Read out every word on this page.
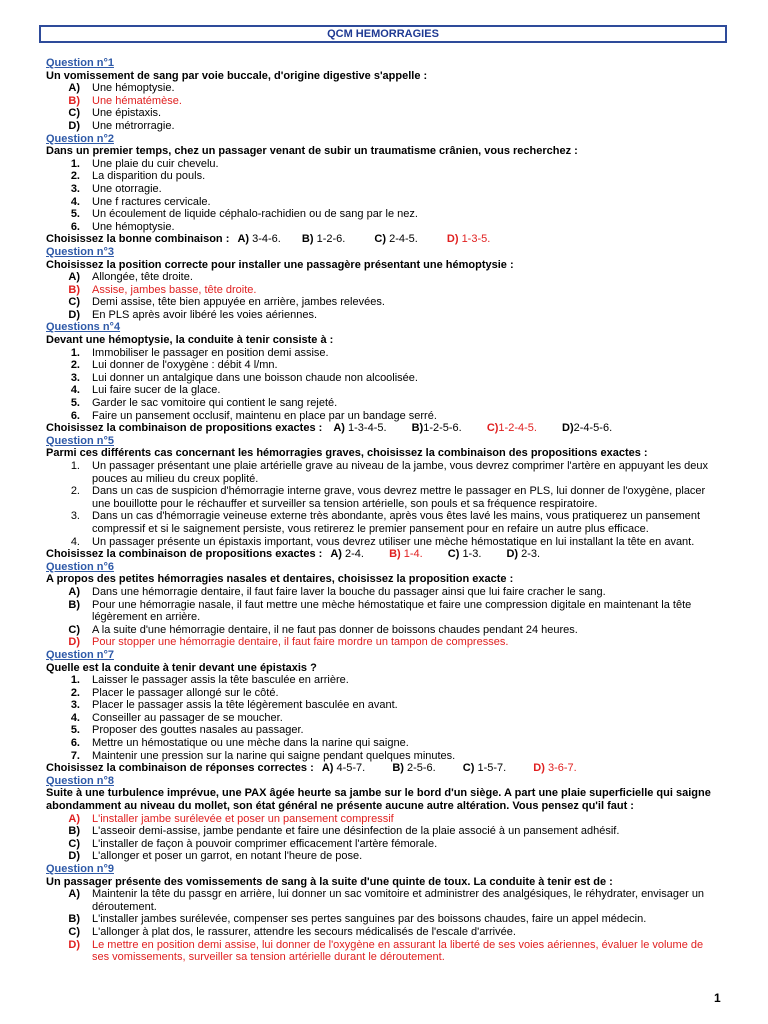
QCM HEMORRAGIES
Question n°1
Un vomissement de sang par voie buccale, d'origine digestive s'appelle :
A)	Une hémoptysie.
B)	Une hématémèse.
C)	Une épistaxis.
D)	Une métrorragie.
Question n°2
Dans un premier temps, chez un passager venant de subir un traumatisme crânien, vous recherchez :
1.	Une plaie du cuir chevelu.
2.	La disparition du pouls.
3.	Une otorragie.
4.	Une f ractures cervicale.
5.	Un écoulement de liquide céphalo-rachidien ou de sang par le nez.
6.	Une hémoptysie.
Choisissez la bonne combinaison : A) 3-4-6. B) 1-2-6.	C) 2-4-5.	D) 1-3-5.
Question n°3
Choisissez la position correcte pour installer une passagère présentant une hémoptysie :
A)	Allongée, tête droite.
B)	Assise, jambes basse, tête droite.
C)	Demi assise, tête bien appuyée en arrière, jambes relevées.
D)	En PLS après avoir libéré les voies aériennes.
Questions n°4
Devant une hémoptysie, la conduite à tenir consiste à :
1.	Immobiliser le passager en position demi assise.
2.	Lui donner de l'oxygène : débit 4 l/mn.
3.	Lui donner un antalgique dans une boisson chaude non alcoolisée.
4.	Lui faire sucer de la glace.
5.	Garder le sac vomitoire qui contient le sang rejeté.
6.	Faire un pansement occlusif, maintenu en place par un bandage serré.
Choisissez la combinaison de propositions exactes : A) 1-3-4-5. B)1-2-5-6. C)1-2-4-5. D)2-4-5-6.
Question n°5
Parmi ces différents cas concernant les hémorragies graves, choisissez la combinaison des propositions exactes :
1.	Un passager présentant une plaie artérielle grave au niveau de la jambe, vous devrez comprimer l'artère en appuyant les deux pouces au milieu du creux poplité.
2.	Dans un cas de suspicion d'hémorragie interne grave, vous devrez mettre le passager en PLS, lui donner de l'oxygène, placer une bouillotte pour le réchauffer et surveiller sa tension artérielle, son pouls et sa fréquence respiratoire.
3.	Dans un cas d'hémorragie veineuse externe très abondante, après vous êtes lavé les mains, vous pratiquerez un pansement compressif et si le saignement persiste, vous retirerez le premier pansement pour en refaire un autre plus efficace.
4.	Un passager présente un épistaxis important, vous devrez utiliser une mèche hémostatique en lui installant la tête en avant.
Choisissez la combinaison de propositions exactes : A) 2-4. B) 1-4. C) 1-3. D) 2-3.
Question n°6
A propos des petites hémorragies nasales et dentaires, choisissez la proposition exacte :
A)	Dans une hémorragie dentaire, il faut faire laver la bouche du passager ainsi que lui faire cracher le sang.
B)	Pour une hémorragie nasale, il faut mettre une mèche hémostatique et faire une compression digitale en maintenant la tête légèrement en arrière.
C)	A la suite d'une hémorragie dentaire, il ne faut pas donner de boissons chaudes pendant 24 heures.
D)	Pour stopper une hémorragie dentaire, il faut faire mordre un tampon de compresses.
Question n°7
Quelle est la conduite à tenir devant une épistaxis ?
1.	Laisser le passager assis la tête basculée en arrière.
2.	Placer le passager allongé sur le côté.
3.	Placer le passager assis la tête légèrement basculée en avant.
4.	Conseiller au passager de se moucher.
5.	Proposer des gouttes nasales au passager.
6.	Mettre un hémostatique ou une mèche dans la narine qui saigne.
7.	Maintenir une pression sur la narine qui saigne pendant quelques minutes.
Choisissez la combinaison de réponses correctes : A) 4-5-7. B) 2-5-6. C) 1-5-7. D) 3-6-7.
Question n°8
Suite à une turbulence imprévue, une PAX âgée heurte sa jambe sur le bord d'un siège. A part une plaie superficielle qui saigne abondamment au niveau du mollet, son état général ne présente aucune autre altération. Vous pensez qu'il faut :
A)	L'installer jambe surélevée et poser un pansement compressif
B)	L'asseoir demi-assise, jambe pendante et faire une désinfection de la plaie associé à un pansement adhésif.
C)	L'installer de façon à pouvoir comprimer efficacement l'artère fémorale.
D)	L'allonger et poser un garrot, en notant l'heure de pose.
Question n°9
Un passager présente des vomissements de sang à la suite d'une quinte de toux. La conduite à tenir est de :
A)	Maintenir la tête du passgr en arrière, lui donner un sac vomitoire et administrer des analgésiques, le réhydrater, envisager un déroutement.
B)	L'installer jambes surélevée, compenser ses pertes sanguines par des boissons chaudes, faire un appel médecin.
C)	L'allonger à plat dos, le rassurer, attendre les secours médicalisés de l'escale d'arrivée.
D)	Le mettre en position demi assise, lui donner de l'oxygène en assurant la liberté de ses voies aériennes, évaluer le volume de ses vomissements, surveiller sa tension artérielle durant le déroutement.
1
